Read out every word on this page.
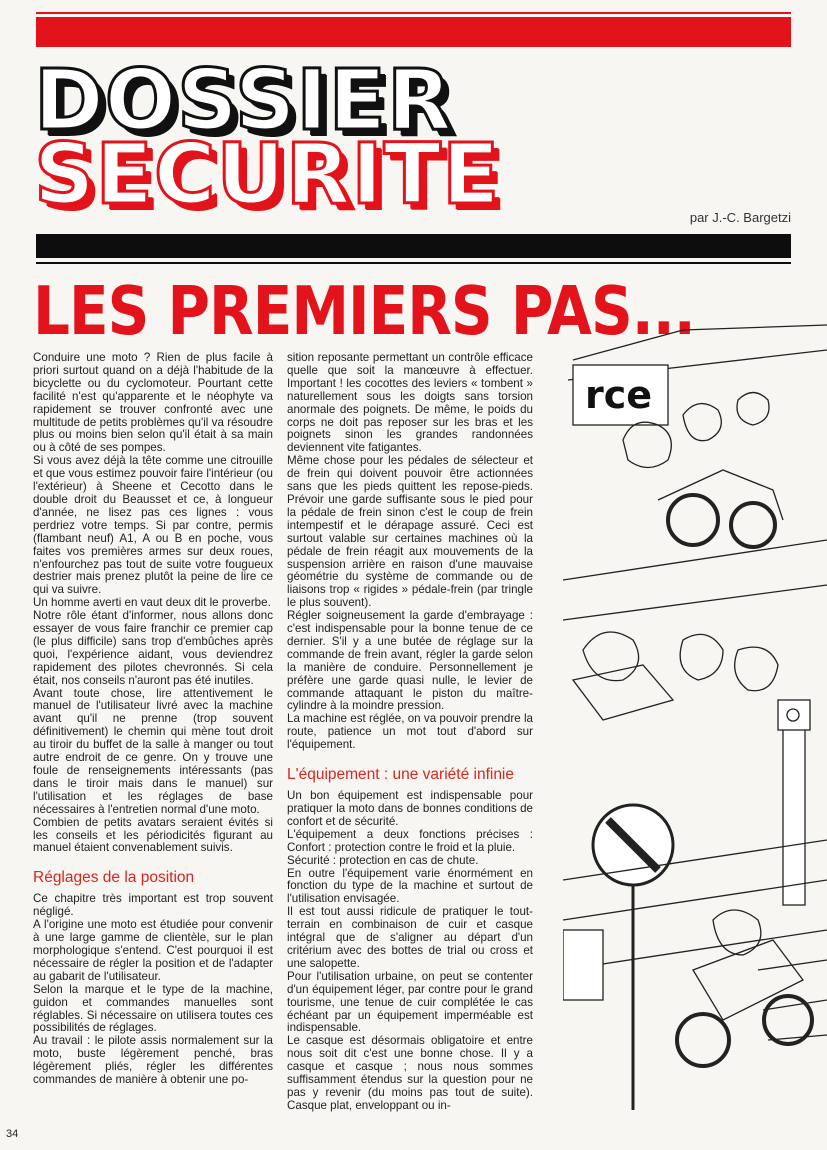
DOSSIER
SECURITE	par J.-C. Bargetzi
LES PREMIERS PAS...

Conduire une moto ? Rien de plus facile à priori surtout quand on a déjà l'habitude de la bicyclette ou du cyclomoteur. Pourtant cette facilité n'est qu'apparente et le néophyte va rapidement se trouver confronté avec une multitude de petits problèmes qu'il va résoudre plus ou moins bien selon qu'il était à sa main ou à côté de ses pompes.

Si vous avez déjà la tête comme une citrouille et que vous estimez pouvoir faire l'intérieur (ou l'extérieur) à Sheene et Cecotto dans le double droit du Beausset et ce, à longueur d'année, ne lisez pas ces lignes : vous perdriez votre temps. Si par contre, permis (flambant neuf) A1, A ou B en poche, vous faites vos premières armes sur deux roues, n'enfourchez pas tout de suite votre fougueux destrier mais prenez plutôt la peine de lire ce qui va suivre.

Un homme averti en vaut deux dit le proverbe.

Notre rôle étant d'informer, nous allons donc essayer de vous faire franchir ce premier cap (le plus difficile) sans trop d'embûches après quoi, l'expérience aidant, vous deviendrez rapidement des pilotes chevronnés. Si cela était, nos conseils n'auront pas été inutiles.

Avant toute chose, lire attentivement le manuel de l'utilisateur livré avec la machine avant qu'il ne prenne (trop souvent définitivement) le chemin qui mène tout droit au tiroir du buffet de la salle à manger ou tout autre endroit de ce genre. On y trouve une foule de renseignements intéressants (pas dans le tiroir mais dans le manuel) sur l'utilisation et les réglages de base nécessaires à l'entretien normal d'une moto.

Combien de petits avatars seraient évités si les conseils et les périodicités figurant au manuel étaient convenablement suivis.

Réglages de la position

Ce chapitre très important est trop souvent négligé.

A l'origine une moto est étudiée pour convenir à une large gamme de clientèle, sur le plan morphologique s'entend. C'est pourquoi il est nécessaire de régler la position et de l'adapter au gabarit de l'utilisateur.

Selon la marque et le type de la machine, guidon et commandes manuelles sont réglables. Si nécessaire on utilisera toutes ces possibilités de réglages.

Au travail : le pilote assis normalement sur la moto, buste légèrement penché, bras légèrement pliés, régler les différentes commandes de manière à obtenir une po-

sition reposante permettant un contrôle efficace quelle que soit la manœuvre à effectuer. Important ! les cocottes des leviers « tombent » naturellement sous les doigts sans torsion anormale des poignets. De même, le poids du corps ne doit pas reposer sur les bras et les poignets sinon les grandes randonnées deviennent vite fatigantes.

Même chose pour les pédales de sélecteur et de frein qui doivent pouvoir être actionnées sans que les pieds quittent les repose-pieds. Prévoir une garde suffisante sous le pied pour la pédale de frein sinon c'est le coup de frein intempestif et le dérapage assuré. Ceci est surtout valable sur certaines machines où la pédale de frein réagit aux mouvements de la suspension arrière en raison d'une mauvaise géométrie du système de commande ou de liaisons trop « rigides » pédale-frein (par tringle le plus souvent).

Régler soigneusement la garde d'embrayage : c'est indispensable pour la bonne tenue de ce dernier. S'il y a une butée de réglage sur la commande de frein avant, régler la garde selon la manière de conduire. Personnellement je préfère une garde quasi nulle, le levier de commande attaquant le piston du maître-cylindre à la moindre pression.

La machine est réglée, on va pouvoir prendre la route, patience un mot tout d'abord sur l'équipement.

L'équipement : une variété infinie

Un bon équipement est indispensable pour pratiquer la moto dans de bonnes conditions de confort et de sécurité.

L'équipement a deux fonctions précises : Confort : protection contre le froid et la pluie.

Sécurité : protection en cas de chute.

En outre l'équipement varie énormément en fonction du type de la machine et surtout de l'utilisation envisagée.

Il est tout aussi ridicule de pratiquer le tout-terrain en combinaison de cuir et casque intégral que de s'aligner au départ d'un critérium avec des bottes de trial ou cross et une salopette.

Pour l'utilisation urbaine, on peut se contenter d'un équipement léger, par contre pour le grand tourisme, une tenue de cuir complétée le cas échéant par un équipement imperméable est indispensable.

Le casque est désormais obligatoire et entre nous soit dit c'est une bonne chose. Il y a casque et casque ; nous nous sommes suffisamment étendus sur la question pour ne pas y revenir (du moins pas tout de suite). Casque plat, enveloppant ou in-

rce
34
